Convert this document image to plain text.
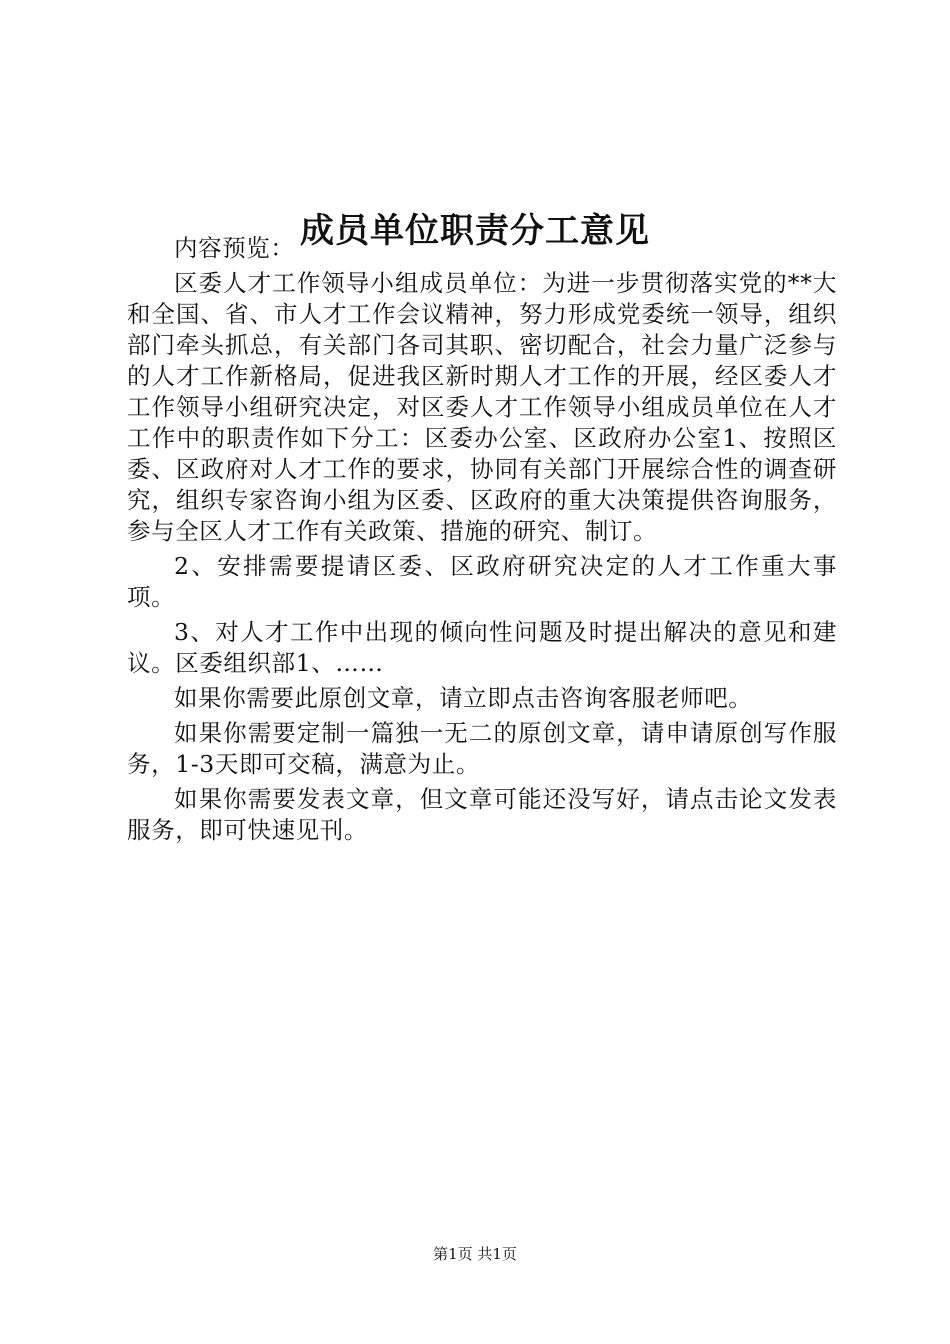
成员单位职责分工意见

内容预览：

区委人才工作领导小组成员单位：为进一步贯彻落实党的**大和全国、省、市人才工作会议精神，努力形成党委统一领导，组织部门牵头抓总，有关部门各司其职、密切配合，社会力量广泛参与的人才工作新格局，促进我区新时期人才工作的开展，经区委人才工作领导小组研究决定，对区委人才工作领导小组成员单位在人才工作中的职责作如下分工：区委办公室、区政府办公室1、按照区委、区政府对人才工作的要求，协同有关部门开展综合性的调查研究，组织专家咨询小组为区委、区政府的重大决策提供咨询服务，参与全区人才工作有关政策、措施的研究、制订。

2、安排需要提请区委、区政府研究决定的人才工作重大事项。

3、对人才工作中出现的倾向性问题及时提出解决的意见和建议。区委组织部1、……

如果你需要此原创文章，请立即点击咨询客服老师吧。

如果你需要定制一篇独一无二的原创文章，请申请原创写作服务，1-3天即可交稿，满意为止。

如果你需要发表文章，但文章可能还没写好，请点击论文发表服务，即可快速见刊。

第1页 共1页
